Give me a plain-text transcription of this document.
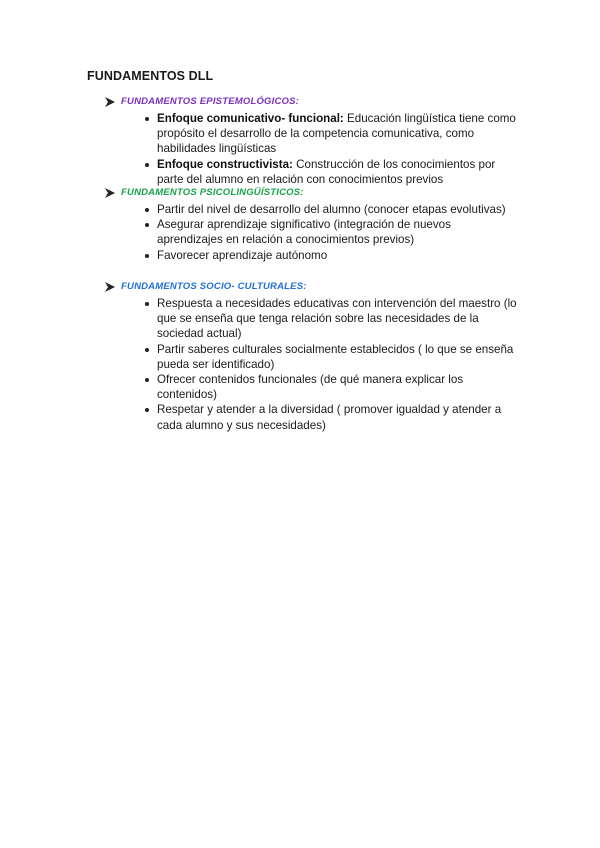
FUNDAMENTOS DLL
FUNDAMENTOS EPISTEMOLÓGICOS:
Enfoque comunicativo- funcional: Educación lingüística tiene como propósito el desarrollo de la competencia comunicativa, como habilidades lingüísticas
Enfoque constructivista: Construcción de los conocimientos por parte del alumno en relación con conocimientos previos
FUNDAMENTOS PSICOLINGÜÍSTICOS:
Partir del nivel de desarrollo del alumno (conocer etapas evolutivas)
Asegurar aprendizaje significativo (integración de nuevos aprendizajes en relación a conocimientos previos)
Favorecer aprendizaje autónomo
FUNDAMENTOS SOCIO- CULTURALES:
Respuesta a necesidades educativas con intervención del maestro (lo que se enseña que tenga relación sobre las necesidades de la sociedad actual)
Partir saberes culturales socialmente establecidos ( lo que se enseña pueda ser identificado)
Ofrecer contenidos funcionales (de qué manera explicar los contenidos)
Respetar y atender a la diversidad ( promover igualdad y atender a cada alumno y sus necesidades)
